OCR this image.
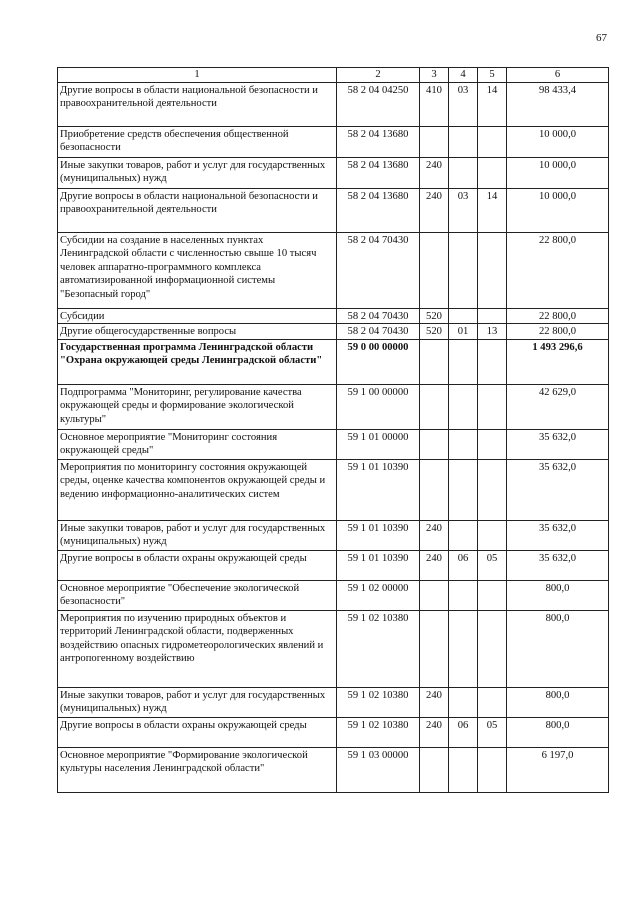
67
1	2	3	4	5	6
Другие вопросы в области национальной безопасности и правоохранительной деятельности	58 2 04 04250	410	03	14	98 433,4
Приобретение средств обеспечения общественной безопасности	58 2 04 13680				10 000,0
Иные закупки товаров, работ и услуг для государственных (муниципальных) нужд	58 2 04 13680	240			10 000,0
Другие вопросы в области национальной безопасности и правоохранительной деятельности	58 2 04 13680	240	03	14	10 000,0
Субсидии на создание в населенных пунктах Ленинградской области с численностью свыше 10 тысяч человек аппаратно-программного комплекса автоматизированной информационной системы "Безопасный город"	58 2 04 70430				22 800,0
Субсидии	58 2 04 70430	520			22 800,0
Другие общегосударственные вопросы	58 2 04 70430	520	01	13	22 800,0
Государственная программа Ленинградской области "Охрана окружающей среды Ленинградской области"	59 0 00 00000				1 493 296,6
Подпрограмма "Мониторинг, регулирование качества окружающей среды и формирование экологической культуры"	59 1 00 00000				42 629,0
Основное мероприятие "Мониторинг состояния окружающей среды"	59 1 01 00000				35 632,0
Мероприятия по мониторингу состояния окружающей среды, оценке качества компонентов окружающей среды и ведению информационно-аналитических систем	59 1 01 10390				35 632,0
Иные закупки товаров, работ и услуг для государственных (муниципальных) нужд	59 1 01 10390	240			35 632,0
Другие вопросы в области охраны окружающей среды	59 1 01 10390	240	06	05	35 632,0
Основное мероприятие "Обеспечение экологической безопасности"	59 1 02 00000				800,0
Мероприятия по изучению природных объектов и территорий Ленинградской области, подверженных воздействию опасных гидрометеорологических явлений и антропогенному воздействию	59 1 02 10380				800,0
Иные закупки товаров, работ и услуг для государственных (муниципальных) нужд	59 1 02 10380	240			800,0
Другие вопросы в области охраны окружающей среды	59 1 02 10380	240	06	05	800,0
Основное мероприятие "Формирование экологической культуры населения Ленинградской области"	59 1 03 00000				6 197,0
